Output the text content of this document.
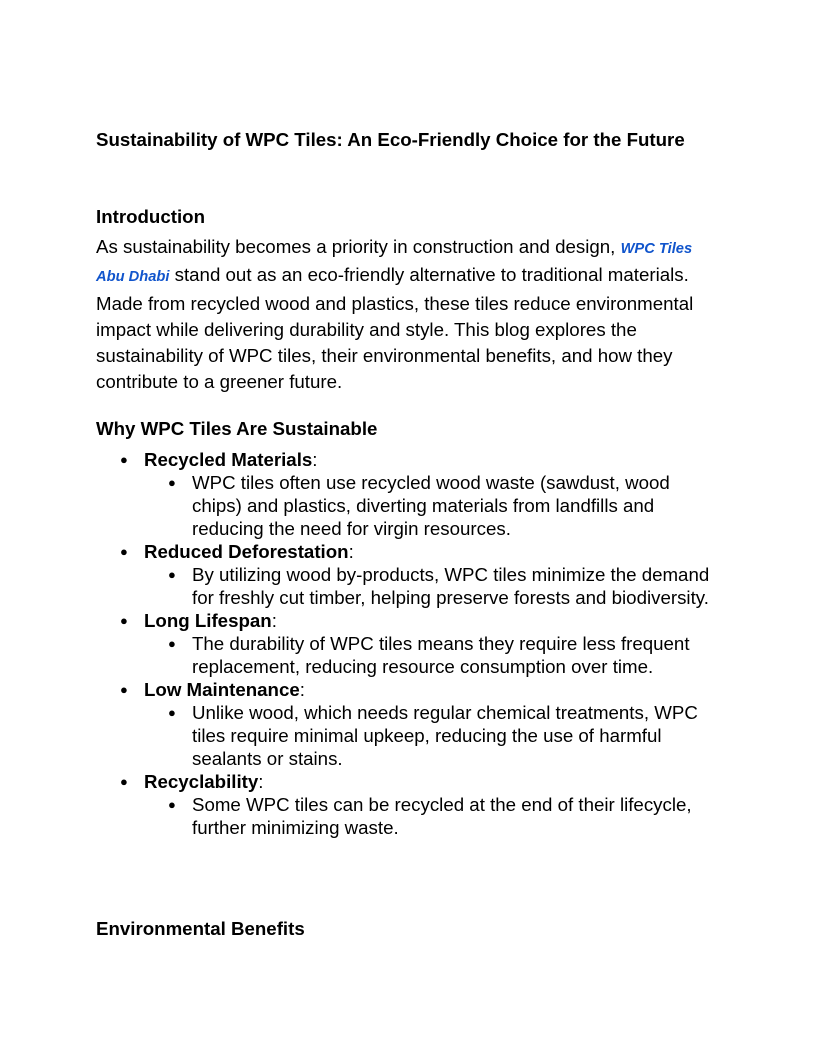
Sustainability of WPC Tiles: An Eco-Friendly Choice for the Future
Introduction

As sustainability becomes a priority in construction and design, WPC Tiles Abu Dhabi stand out as an eco-friendly alternative to traditional materials. Made from recycled wood and plastics, these tiles reduce environmental impact while delivering durability and style. This blog explores the sustainability of WPC tiles, their environmental benefits, and how they contribute to a greener future.

Why WPC Tiles Are Sustainable
● Recycled Materials:
● WPC tiles often use recycled wood waste (sawdust, wood chips) and plastics, diverting materials from landfills and reducing the need for virgin resources.
● Reduced Deforestation:
● By utilizing wood by-products, WPC tiles minimize the demand for freshly cut timber, helping preserve forests and biodiversity.
● Long Lifespan:
● The durability of WPC tiles means they require less frequent replacement, reducing resource consumption over time.
● Low Maintenance:
● Unlike wood, which needs regular chemical treatments, WPC tiles require minimal upkeep, reducing the use of harmful sealants or stains.
● Recyclability:
● Some WPC tiles can be recycled at the end of their lifecycle, further minimizing waste.
Environmental Benefits
